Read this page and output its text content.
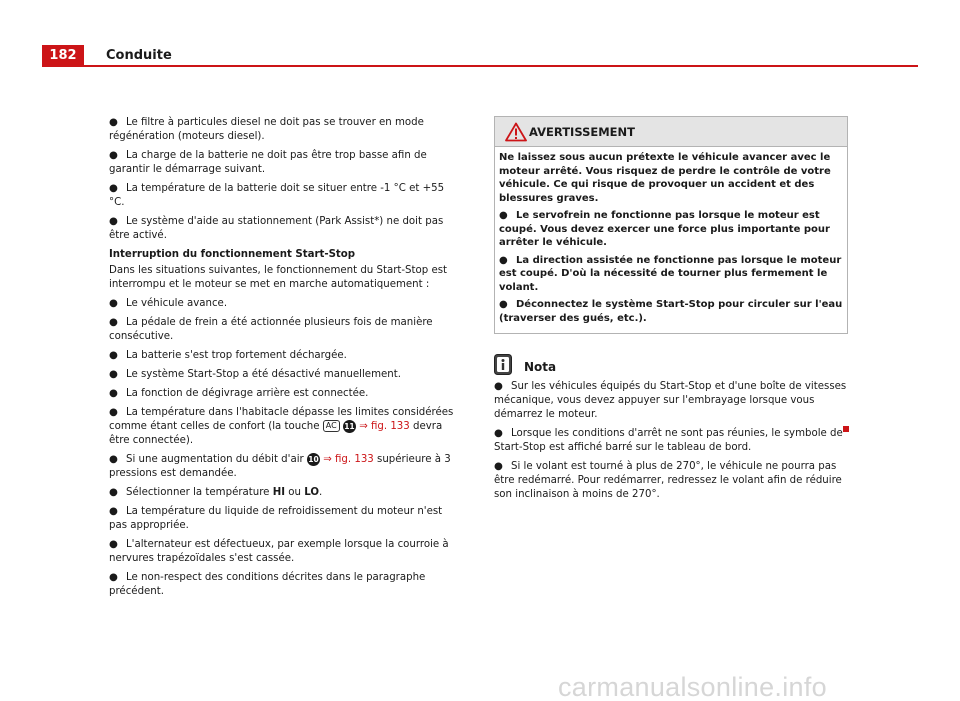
182	Conduite

● Le filtre à particules diesel ne doit pas se trouver en mode régénération (moteurs diesel).

● La charge de la batterie ne doit pas être trop basse afin de garantir le démarrage suivant.

● La température de la batterie doit se situer entre -1 °C et +55 °C.

● Le système d'aide au stationnement (Park Assist*) ne doit pas être activé.

Interruption du fonctionnement Start-Stop

Dans les situations suivantes, le fonctionnement du Start-Stop est interrompu et le moteur se met en marche automatiquement :

● Le véhicule avance.

● La pédale de frein a été actionnée plusieurs fois de manière consécutive.

● La batterie s'est trop fortement déchargée.

● Le système Start-Stop a été désactivé manuellement.

● La fonction de dégivrage arrière est connectée.

● La température dans l'habitacle dépasse les limites considérées comme étant celles de confort (la touche AC 11 ⇒ fig. 133 devra être connectée).

● Si une augmentation du débit d'air 10 ⇒ fig. 133 supérieure à 3 pressions est demandée.

● Sélectionner la température HI ou LO.

● La température du liquide de refroidissement du moteur n'est pas appropriée.

● L'alternateur est défectueux, par exemple lorsque la courroie à nervures trapézoïdales s'est cassée.

● Le non-respect des conditions décrites dans le paragraphe précédent.

AVERTISSEMENT

Ne laissez sous aucun prétexte le véhicule avancer avec le moteur arrêté. Vous risquez de perdre le contrôle de votre véhicule. Ce qui risque de provoquer un accident et des blessures graves.

● Le servofrein ne fonctionne pas lorsque le moteur est coupé. Vous devez exercer une force plus importante pour arrêter le véhicule.

● La direction assistée ne fonctionne pas lorsque le moteur est coupé. D'où la nécessité de tourner plus fermement le volant.

● Déconnectez le système Start-Stop pour circuler sur l'eau (traverser des gués, etc.).

Nota

● Sur les véhicules équipés du Start-Stop et d'une boîte de vitesses mécanique, vous devez appuyer sur l'embrayage lorsque vous démarrez le moteur.

● Lorsque les conditions d'arrêt ne sont pas réunies, le symbole de Start-Stop est affiché barré sur le tableau de bord.

● Si le volant est tourné à plus de 270°, le véhicule ne pourra pas être redémarré. Pour redémarrer, redressez le volant afin de réduire son inclinaison à moins de 270°.

carmanualsonline.info
